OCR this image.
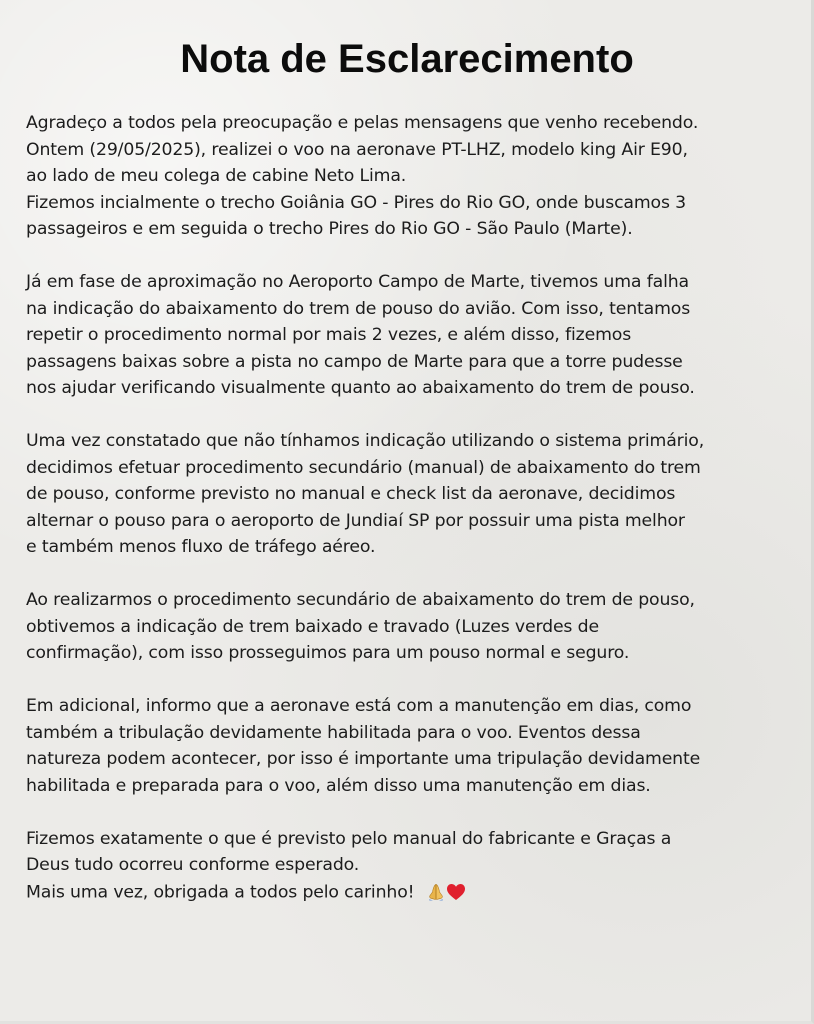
Nota de Esclarecimento

Agradeço a todos pela preocupação e pelas mensagens que venho recebendo.
Ontem (29/05/2025), realizei o voo na aeronave PT-LHZ, modelo king Air E90,
ao lado de meu colega de cabine Neto Lima.
Fizemos incialmente o trecho Goiânia GO - Pires do Rio GO, onde buscamos 3
passageiros e em seguida o trecho Pires do Rio GO - São Paulo (Marte).

Já em fase de aproximação no Aeroporto Campo de Marte, tivemos uma falha
na indicação do abaixamento do trem de pouso do avião. Com isso, tentamos
repetir o procedimento normal por mais 2 vezes, e além disso, fizemos
passagens baixas sobre a pista no campo de Marte para que a torre pudesse
nos ajudar verificando visualmente quanto ao abaixamento do trem de pouso.

Uma vez constatado que não tínhamos indicação utilizando o sistema primário,
decidimos efetuar procedimento secundário (manual) de abaixamento do trem
de pouso, conforme previsto no manual e check list da aeronave, decidimos
alternar o pouso para o aeroporto de Jundiaí SP por possuir uma pista melhor
e também menos fluxo de tráfego aéreo.

Ao realizarmos o procedimento secundário de abaixamento do trem de pouso,
obtivemos a indicação de trem baixado e travado (Luzes verdes de
confirmação), com isso prosseguimos para um pouso normal e seguro.

Em adicional, informo que a aeronave está com a manutenção em dias, como
também a tribulação devidamente habilitada para o voo. Eventos dessa
natureza podem acontecer, por isso é importante uma tripulação devidamente
habilitada e preparada para o voo, além disso uma manutenção em dias.

Fizemos exatamente o que é previsto pelo manual do fabricante e Graças a
Deus tudo ocorreu conforme esperado.
Mais uma vez, obrigada a todos pelo carinho!
